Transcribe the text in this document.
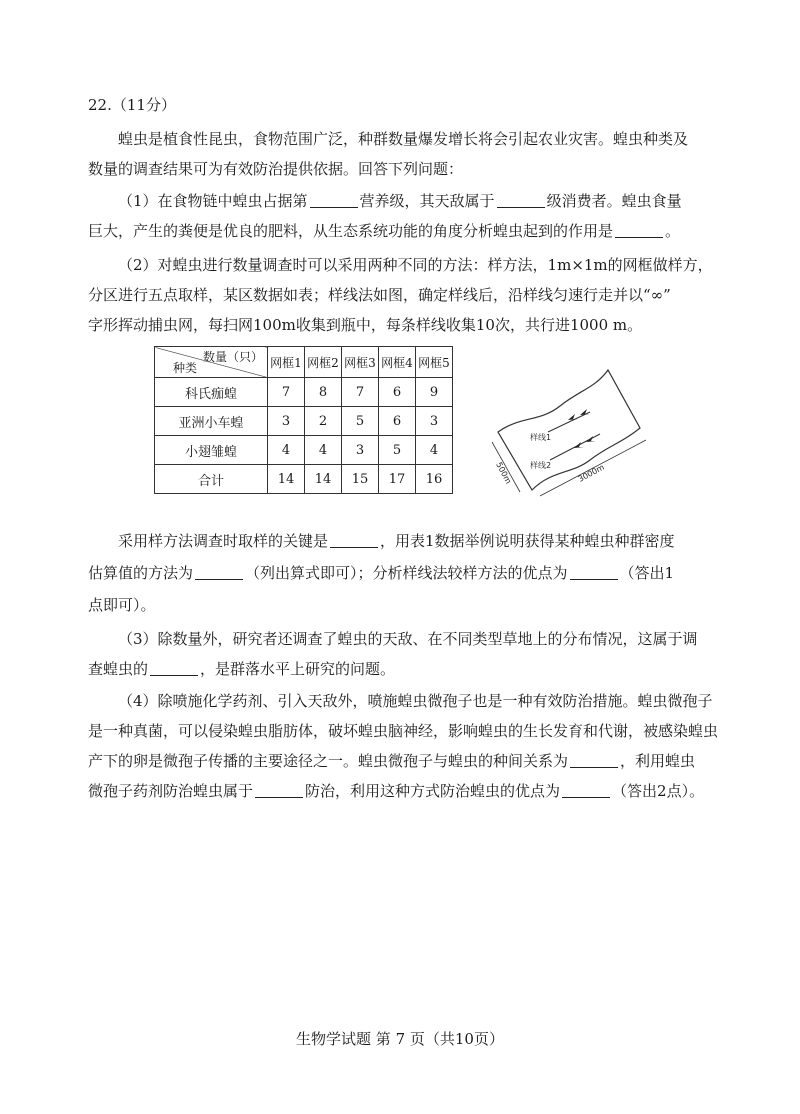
22.（11分）
蝗虫是植食性昆虫，食物范围广泛，种群数量爆发增长将会引起农业灾害。蝗虫种类及
数量的调查结果可为有效防治提供依据。回答下列问题：
（1）在食物链中蝗虫占据第	营养级，其天敌属于	级消费者。蝗虫食量
巨大，产生的粪便是优良的肥料，从生态系统功能的角度分析蝗虫起到的作用是	。
（2）对蝗虫进行数量调查时可以采用两种不同的方法：样方法，1m×1m的网框做样方，
分区进行五点取样，某区数据如表；样线法如图，确定样线后，沿样线匀速行走并以“∞”
字形挥动捕虫网，每扫网100m收集到瓶中，每条样线收集10次，共行进1000 m。
数量（只）
种类	网框1	网框2	网框3	网框4	网框5
科氏痂蝗	7	8	7	6	9
亚洲小车蝗	3	2	5	6	3
小翅雏蝗	4	4	3	5	4
合计	14	14	15	17	16
样线1
样线2
500m	3000m
采用样方法调查时取样的关键是	，用表1数据举例说明获得某种蝗虫种群密度
估算值的方法为	（列出算式即可）；分析样线法较样方法的优点为	（答出1
点即可）。
（3）除数量外，研究者还调查了蝗虫的天敌、在不同类型草地上的分布情况，这属于调
查蝗虫的	，是群落水平上研究的问题。
（4）除喷施化学药剂、引入天敌外，喷施蝗虫微孢子也是一种有效防治措施。蝗虫微孢子
是一种真菌，可以侵染蝗虫脂肪体，破坏蝗虫脑神经，影响蝗虫的生长发育和代谢，被感染蝗虫
产下的卵是微孢子传播的主要途径之一。蝗虫微孢子与蝗虫的种间关系为	，利用蝗虫
微孢子药剂防治蝗虫属于	防治，利用这种方式防治蝗虫的优点为	（答出2点）。
生物学试题 第 7 页（共10页）
